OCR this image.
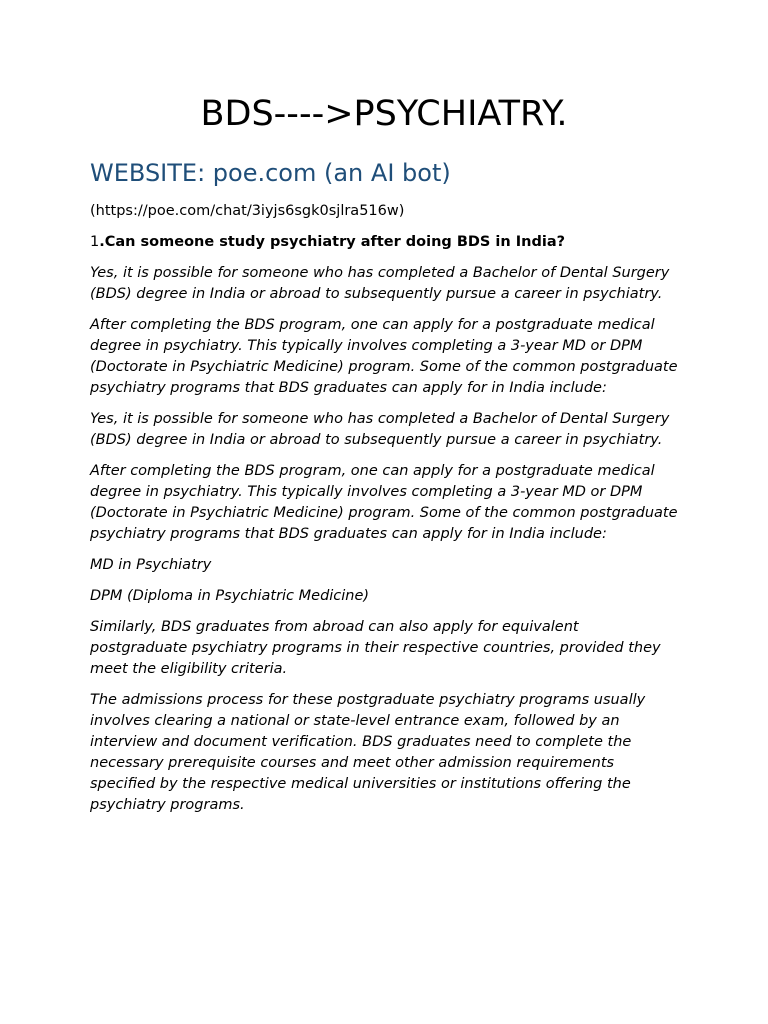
BDS---->PSYCHIATRY.
WEBSITE: poe.com (an AI bot)

(https://poe.com/chat/3iyjs6sgk0sjlra516w)

1.Can someone study psychiatry after doing BDS in India?

Yes, it is possible for someone who has completed a Bachelor of Dental Surgery (BDS) degree in India or abroad to subsequently pursue a career in psychiatry.

After completing the BDS program, one can apply for a postgraduate medical degree in psychiatry. This typically involves completing a 3-year MD or DPM (Doctorate in Psychiatric Medicine) program. Some of the common postgraduate psychiatry programs that BDS graduates can apply for in India include:

Yes, it is possible for someone who has completed a Bachelor of Dental Surgery (BDS) degree in India or abroad to subsequently pursue a career in psychiatry.

After completing the BDS program, one can apply for a postgraduate medical degree in psychiatry. This typically involves completing a 3-year MD or DPM (Doctorate in Psychiatric Medicine) program. Some of the common postgraduate psychiatry programs that BDS graduates can apply for in India include:

MD in Psychiatry

DPM (Diploma in Psychiatric Medicine)

Similarly, BDS graduates from abroad can also apply for equivalent postgraduate psychiatry programs in their respective countries, provided they meet the eligibility criteria.

The admissions process for these postgraduate psychiatry programs usually involves clearing a national or state-level entrance exam, followed by an interview and document verification. BDS graduates need to complete the necessary prerequisite courses and meet other admission requirements specified by the respective medical universities or institutions offering the psychiatry programs.
